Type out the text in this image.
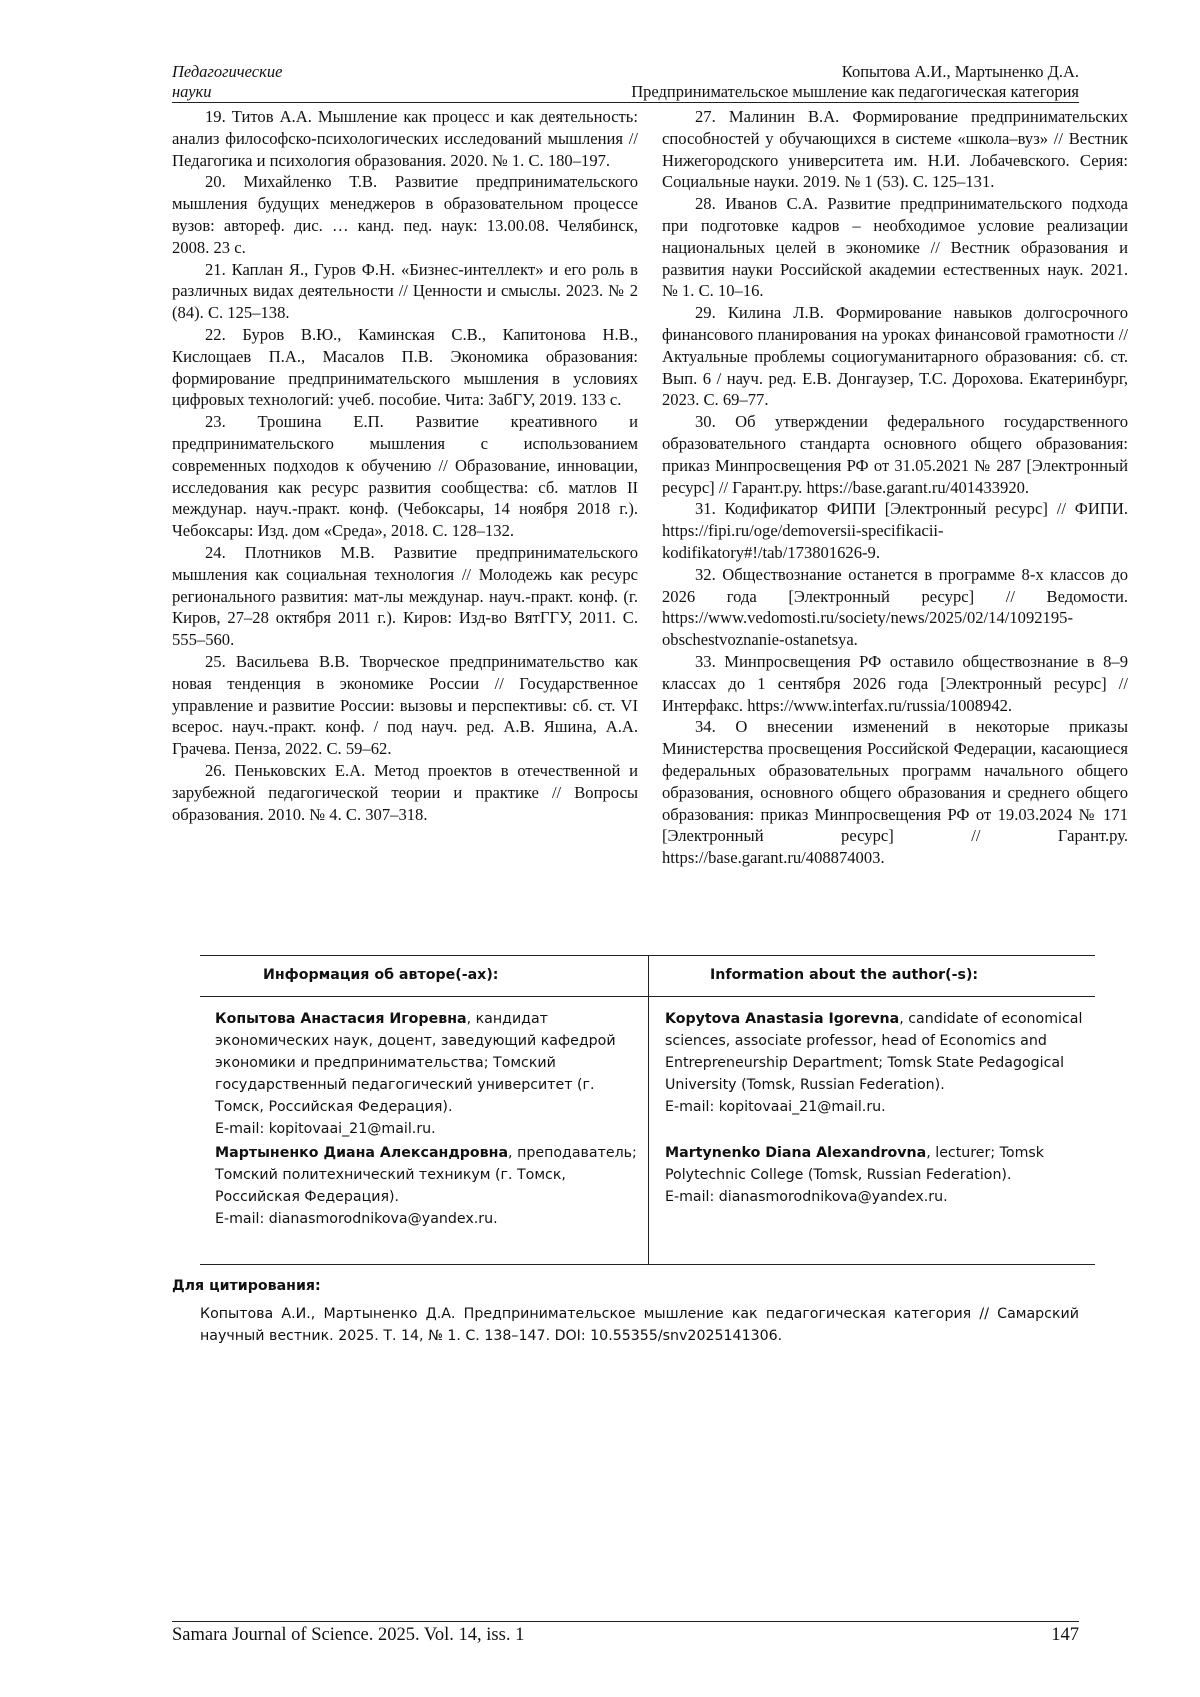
Педагогические
науки
Копытова А.И., Мартыненко Д.А.
Предпринимательское мышление как педагогическая категория

19. Титов А.А. Мышление как процесс и как деятельность: анализ философско-психологических исследований мышления // Педагогика и психология образования. 2020. № 1. С. 180–197.

20. Михайленко Т.В. Развитие предпринимательского мышления будущих менеджеров в образовательном процессе вузов: автореф. дис. … канд. пед. наук: 13.00.08. Челябинск, 2008. 23 с.

21. Каплан Я., Гуров Ф.Н. «Бизнес-интеллект» и его роль в различных видах деятельности // Ценности и смыслы. 2023. № 2 (84). С. 125–138.

22. Буров В.Ю., Каминская С.В., Капитонова Н.В., Кислощаев П.А., Масалов П.В. Экономика образования: формирование предпринимательского мышления в условиях цифровых технологий: учеб. пособие. Чита: ЗабГУ, 2019. 133 с.

23. Трошина Е.П. Развитие креативного и предпринимательского мышления с использованием современных подходов к обучению // Образование, инновации, исследования как ресурс развития сообщества: сб. матлов II междунар. науч.-практ. конф. (Чебоксары, 14 ноября 2018 г.). Чебоксары: Изд. дом «Среда», 2018. С. 128–132.

24. Плотников М.В. Развитие предпринимательского мышления как социальная технология // Молодежь как ресурс регионального развития: мат-лы междунар. науч.-практ. конф. (г. Киров, 27–28 октября 2011 г.). Киров: Изд-во ВятГГУ, 2011. С. 555–560.

25. Васильева В.В. Творческое предпринимательство как новая тенденция в экономике России // Государственное управление и развитие России: вызовы и перспективы: сб. ст. VI всерос. науч.-практ. конф. / под науч. ред. А.В. Яшина, А.А. Грачева. Пенза, 2022. С. 59–62.

26. Пеньковских Е.А. Метод проектов в отечественной и зарубежной педагогической теории и практике // Вопросы образования. 2010. № 4. С. 307–318.

27. Малинин В.А. Формирование предпринимательских способностей у обучающихся в системе «школа–вуз» // Вестник Нижегородского университета им. Н.И. Лобачевского. Серия: Социальные науки. 2019. № 1 (53). С. 125–131.

28. Иванов С.А. Развитие предпринимательского подхода при подготовке кадров – необходимое условие реализации национальных целей в экономике // Вестник образования и развития науки Российской академии естественных наук. 2021. № 1. С. 10–16.

29. Килина Л.В. Формирование навыков долгосрочного финансового планирования на уроках финансовой грамотности // Актуальные проблемы социогуманитарного образования: сб. ст. Вып. 6 / науч. ред. Е.В. Донгаузер, Т.С. Дорохова. Екатеринбург, 2023. С. 69–77.

30. Об утверждении федерального государственного образовательного стандарта основного общего образования: приказ Минпросвещения РФ от 31.05.2021 № 287 [Электронный ресурс] // Гарант.ру. https://base.garant.ru/401433920.

31. Кодификатор ФИПИ [Электронный ресурс] // ФИПИ. https://fipi.ru/oge/demoversii-specifikacii-kodifikatory#!/tab/173801626-9.

32. Обществознание останется в программе 8-х классов до 2026 года [Электронный ресурс] // Ведомости. https://www.vedomosti.ru/society/news/2025/02/14/1092195-obschestvoznanie-ostanetsya.

33. Минпросвещения РФ оставило обществознание в 8–9 классах до 1 сентября 2026 года [Электронный ресурс] // Интерфакс. https://www.interfax.ru/russia/1008942.

34. О внесении изменений в некоторые приказы Министерства просвещения Российской Федерации, касающиеся федеральных образовательных программ начального общего образования, основного общего образования и среднего общего образования: приказ Минпросвещения РФ от 19.03.2024 № 171 [Электронный ресурс] // Гарант.ру. https://base.garant.ru/408874003.

Информация об авторе(-ах):	Information about the author(-s):
Копытова Анастасия Игоревна, кандидат экономических наук, доцент, заведующий кафедрой экономики и предпринимательства; Томский государственный педагогический университет (г. Томск, Российская Федерация).
E-mail: kopitovaai_21@mail.ru.
Мартыненко Диана Александровна, преподаватель; Томский политехнический техникум (г. Томск, Российская Федерация).
E-mail: dianasmorodnikova@yandex.ru.
Kopytova Anastasia Igorevna, candidate of economical sciences, associate professor, head of Economics and Entrepreneurship Department; Tomsk State Pedagogical University (Tomsk, Russian Federation).
E-mail: kopitovaai_21@mail.ru.
Martynenko Diana Alexandrovna, lecturer; Tomsk Polytechnic College (Tomsk, Russian Federation).
E-mail: dianasmorodnikova@yandex.ru.
Для цитирования:
Копытова А.И., Мартыненко Д.А. Предпринимательское мышление как педагогическая категория // Самарский научный вестник. 2025. Т. 14, № 1. С. 138–147. DOI: 10.55355/snv2025141306.
Samara Journal of Science. 2025. Vol. 14, iss. 1	147
